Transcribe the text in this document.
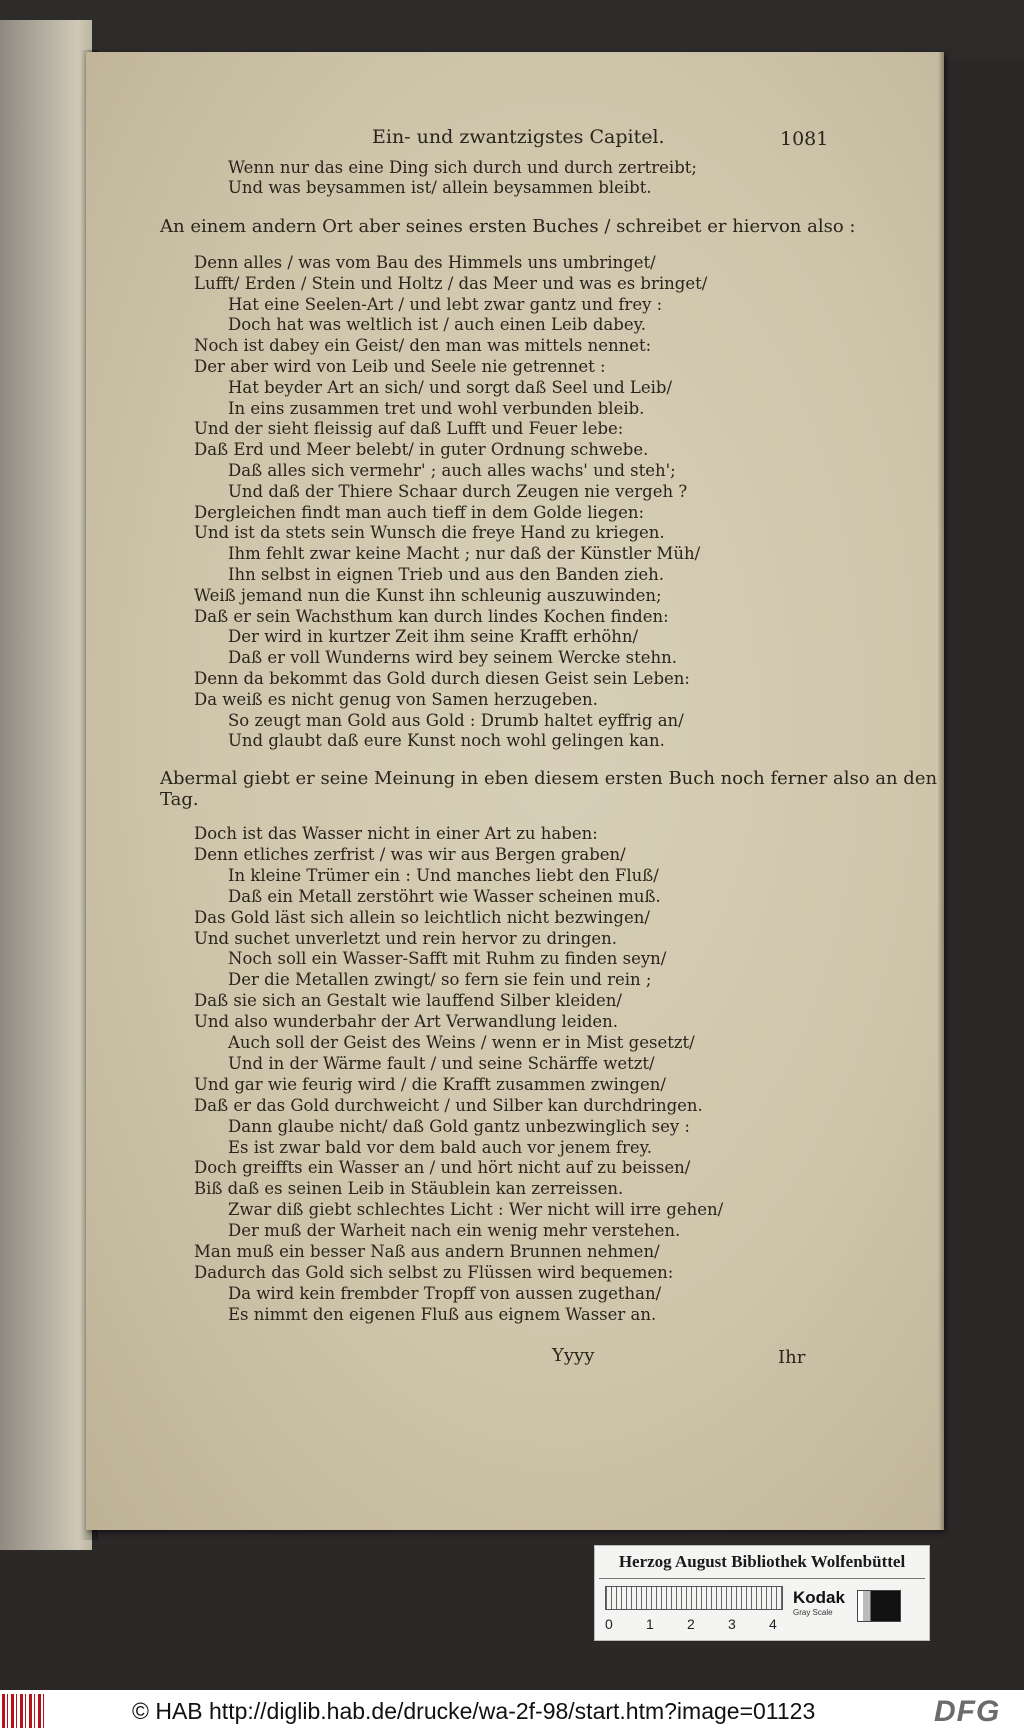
Ein- und zwantzigstes Capitel.	1081
Wenn nur das eine Ding sich durch und durch zertreibt;
Und was beysammen ist/ allein beysammen bleibt.
An einem andern Ort aber seines ersten Buches / schreibet er hiervon also :
Denn alles / was vom Bau des Himmels uns umbringet/
Lufft/ Erden / Stein und Holtz / das Meer und was es bringet/
Hat eine Seelen-Art / und lebt zwar gantz und frey :
Doch hat was weltlich ist / auch einen Leib dabey.
Noch ist dabey ein Geist/ den man was mittels nennet:
Der aber wird von Leib und Seele nie getrennet :
Hat beyder Art an sich/ und sorgt daß Seel und Leib/
In eins zusammen tret und wohl verbunden bleib.
Und der sieht fleissig auf daß Lufft und Feuer lebe:
Daß Erd und Meer belebt/ in guter Ordnung schwebe.
Daß alles sich vermehr' ; auch alles wachs' und steh';
Und daß der Thiere Schaar durch Zeugen nie vergeh ?
Dergleichen findt man auch tieff in dem Golde liegen:
Und ist da stets sein Wunsch die freye Hand zu kriegen.
Ihm fehlt zwar keine Macht ; nur daß der Künstler Müh/
Ihn selbst in eignen Trieb und aus den Banden zieh.
Weiß jemand nun die Kunst ihn schleunig auszuwinden;
Daß er sein Wachsthum kan durch lindes Kochen finden:
Der wird in kurtzer Zeit ihm seine Krafft erhöhn/
Daß er voll Wunderns wird bey seinem Wercke stehn.
Denn da bekommt das Gold durch diesen Geist sein Leben:
Da weiß es nicht genug von Samen herzugeben.
So zeugt man Gold aus Gold : Drumb haltet eyffrig an/
Und glaubt daß eure Kunst noch wohl gelingen kan.
Abermal giebt er seine Meinung in eben diesem ersten Buch noch ferner also an den
Tag.
Doch ist das Wasser nicht in einer Art zu haben:
Denn etliches zerfrist / was wir aus Bergen graben/
In kleine Trümer ein : Und manches liebt den Fluß/
Daß ein Metall zerstöhrt wie Wasser scheinen muß.
Das Gold läst sich allein so leichtlich nicht bezwingen/
Und suchet unverletzt und rein hervor zu dringen.
Noch soll ein Wasser-Safft mit Ruhm zu finden seyn/
Der die Metallen zwingt/ so fern sie fein und rein ;
Daß sie sich an Gestalt wie lauffend Silber kleiden/
Und also wunderbahr der Art Verwandlung leiden.
Auch soll der Geist des Weins / wenn er in Mist gesetzt/
Und in der Wärme fault / und seine Schärffe wetzt/
Und gar wie feurig wird / die Krafft zusammen zwingen/
Daß er das Gold durchweicht / und Silber kan durchdringen.
Dann glaube nicht/ daß Gold gantz unbezwinglich sey :
Es ist zwar bald vor dem bald auch vor jenem frey.
Doch greiffts ein Wasser an / und hört nicht auf zu beissen/
Biß daß es seinen Leib in Stäublein kan zerreissen.
Zwar diß giebt schlechtes Licht : Wer nicht will irre gehen/
Der muß der Warheit nach ein wenig mehr verstehen.
Man muß ein besser Naß aus andern Brunnen nehmen/
Dadurch das Gold sich selbst zu Flüssen wird bequemen:
Da wird kein frembder Tropff von aussen zugethan/
Es nimmt den eigenen Fluß aus eignem Wasser an.
Yyyy	Ihr
Herzog August Bibliothek Wolfenbüttel
0 1 2 3 4
Kodak
Gray Scale
© HAB http://diglib.hab.de/drucke/wa-2f-98/start.htm?image=01123	DFG
